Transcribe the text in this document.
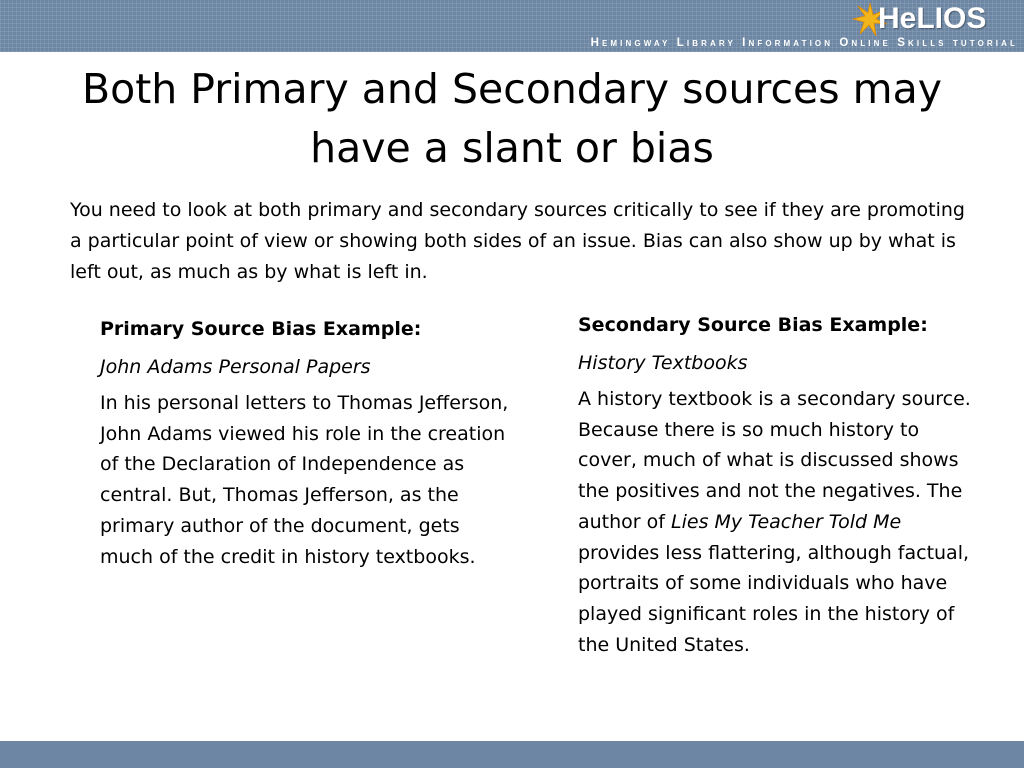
HeLIOS
Hemingway Library Information Online Skills tutorial
Both Primary and Secondary sources may
have a slant or bias

You need to look at both primary and secondary sources critically to see if they are promoting a particular point of view or showing both sides of an issue. Bias can also show up by what is left out, as much as by what is left in.

Primary Source Bias Example:

John Adams Personal Papers

In his personal letters to Thomas Jefferson, John Adams viewed his role in the creation of the Declaration of Independence as central. But, Thomas Jefferson, as the primary author of the document, gets much of the credit in history textbooks.

Secondary Source Bias Example:

History Textbooks

A history textbook is a secondary source. Because there is so much history to cover, much of what is discussed shows the positives and not the negatives. The author of Lies My Teacher Told Me provides less flattering, although factual, portraits of some individuals who have played significant roles in the history of the United States.
